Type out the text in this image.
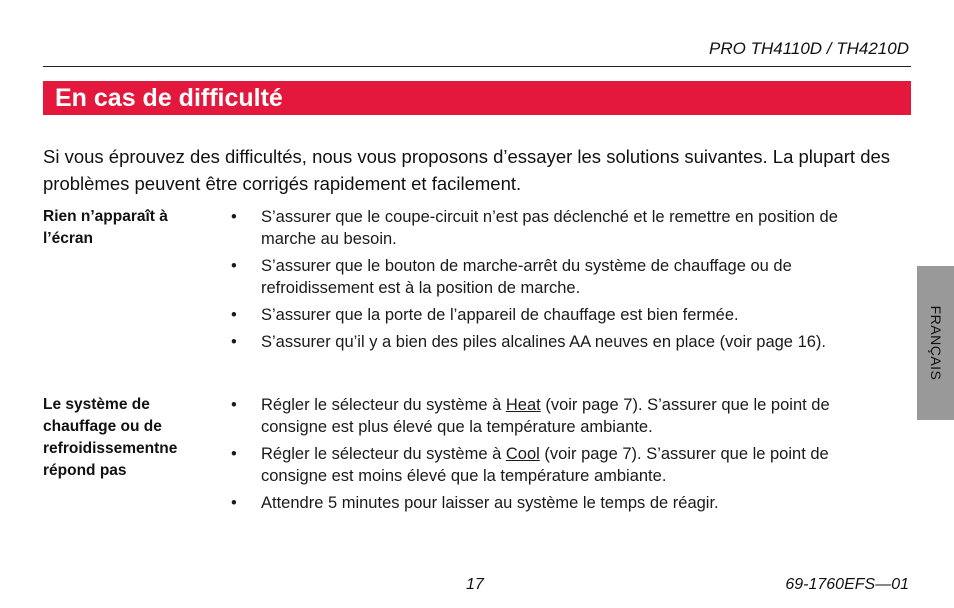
PRO TH4110D / TH4210D
En cas de difficulté

Si vous éprouvez des difficultés, nous vous proposons d’essayer les solutions suivantes. La plupart des problèmes peuvent être corrigés rapidement et facilement.

Rien n’apparaît à l’écran
• S’assurer que le coupe-circuit n’est pas déclenché et le remettre en position de marche au besoin.
• S’assurer que le bouton de marche-arrêt du système de chauffage ou de refroidissement est à la position de marche.
• S’assurer que la porte de l’appareil de chauffage est bien fermée.
• S’assurer qu’il y a bien des piles alcalines AA neuves en place (voir page 16).
Le système de chauffage ou de refroidissementne répond pas
• Régler le sélecteur du système à Heat (voir page 7). S’assurer que le point de consigne est plus élevé que la température ambiante.
• Régler le sélecteur du système à Cool (voir page 7). S’assurer que le point de consigne est moins élevé que la température ambiante.
• Attendre 5 minutes pour laisser au système le temps de réagir.
FRANÇAIS
17	69-1760EFS—01
